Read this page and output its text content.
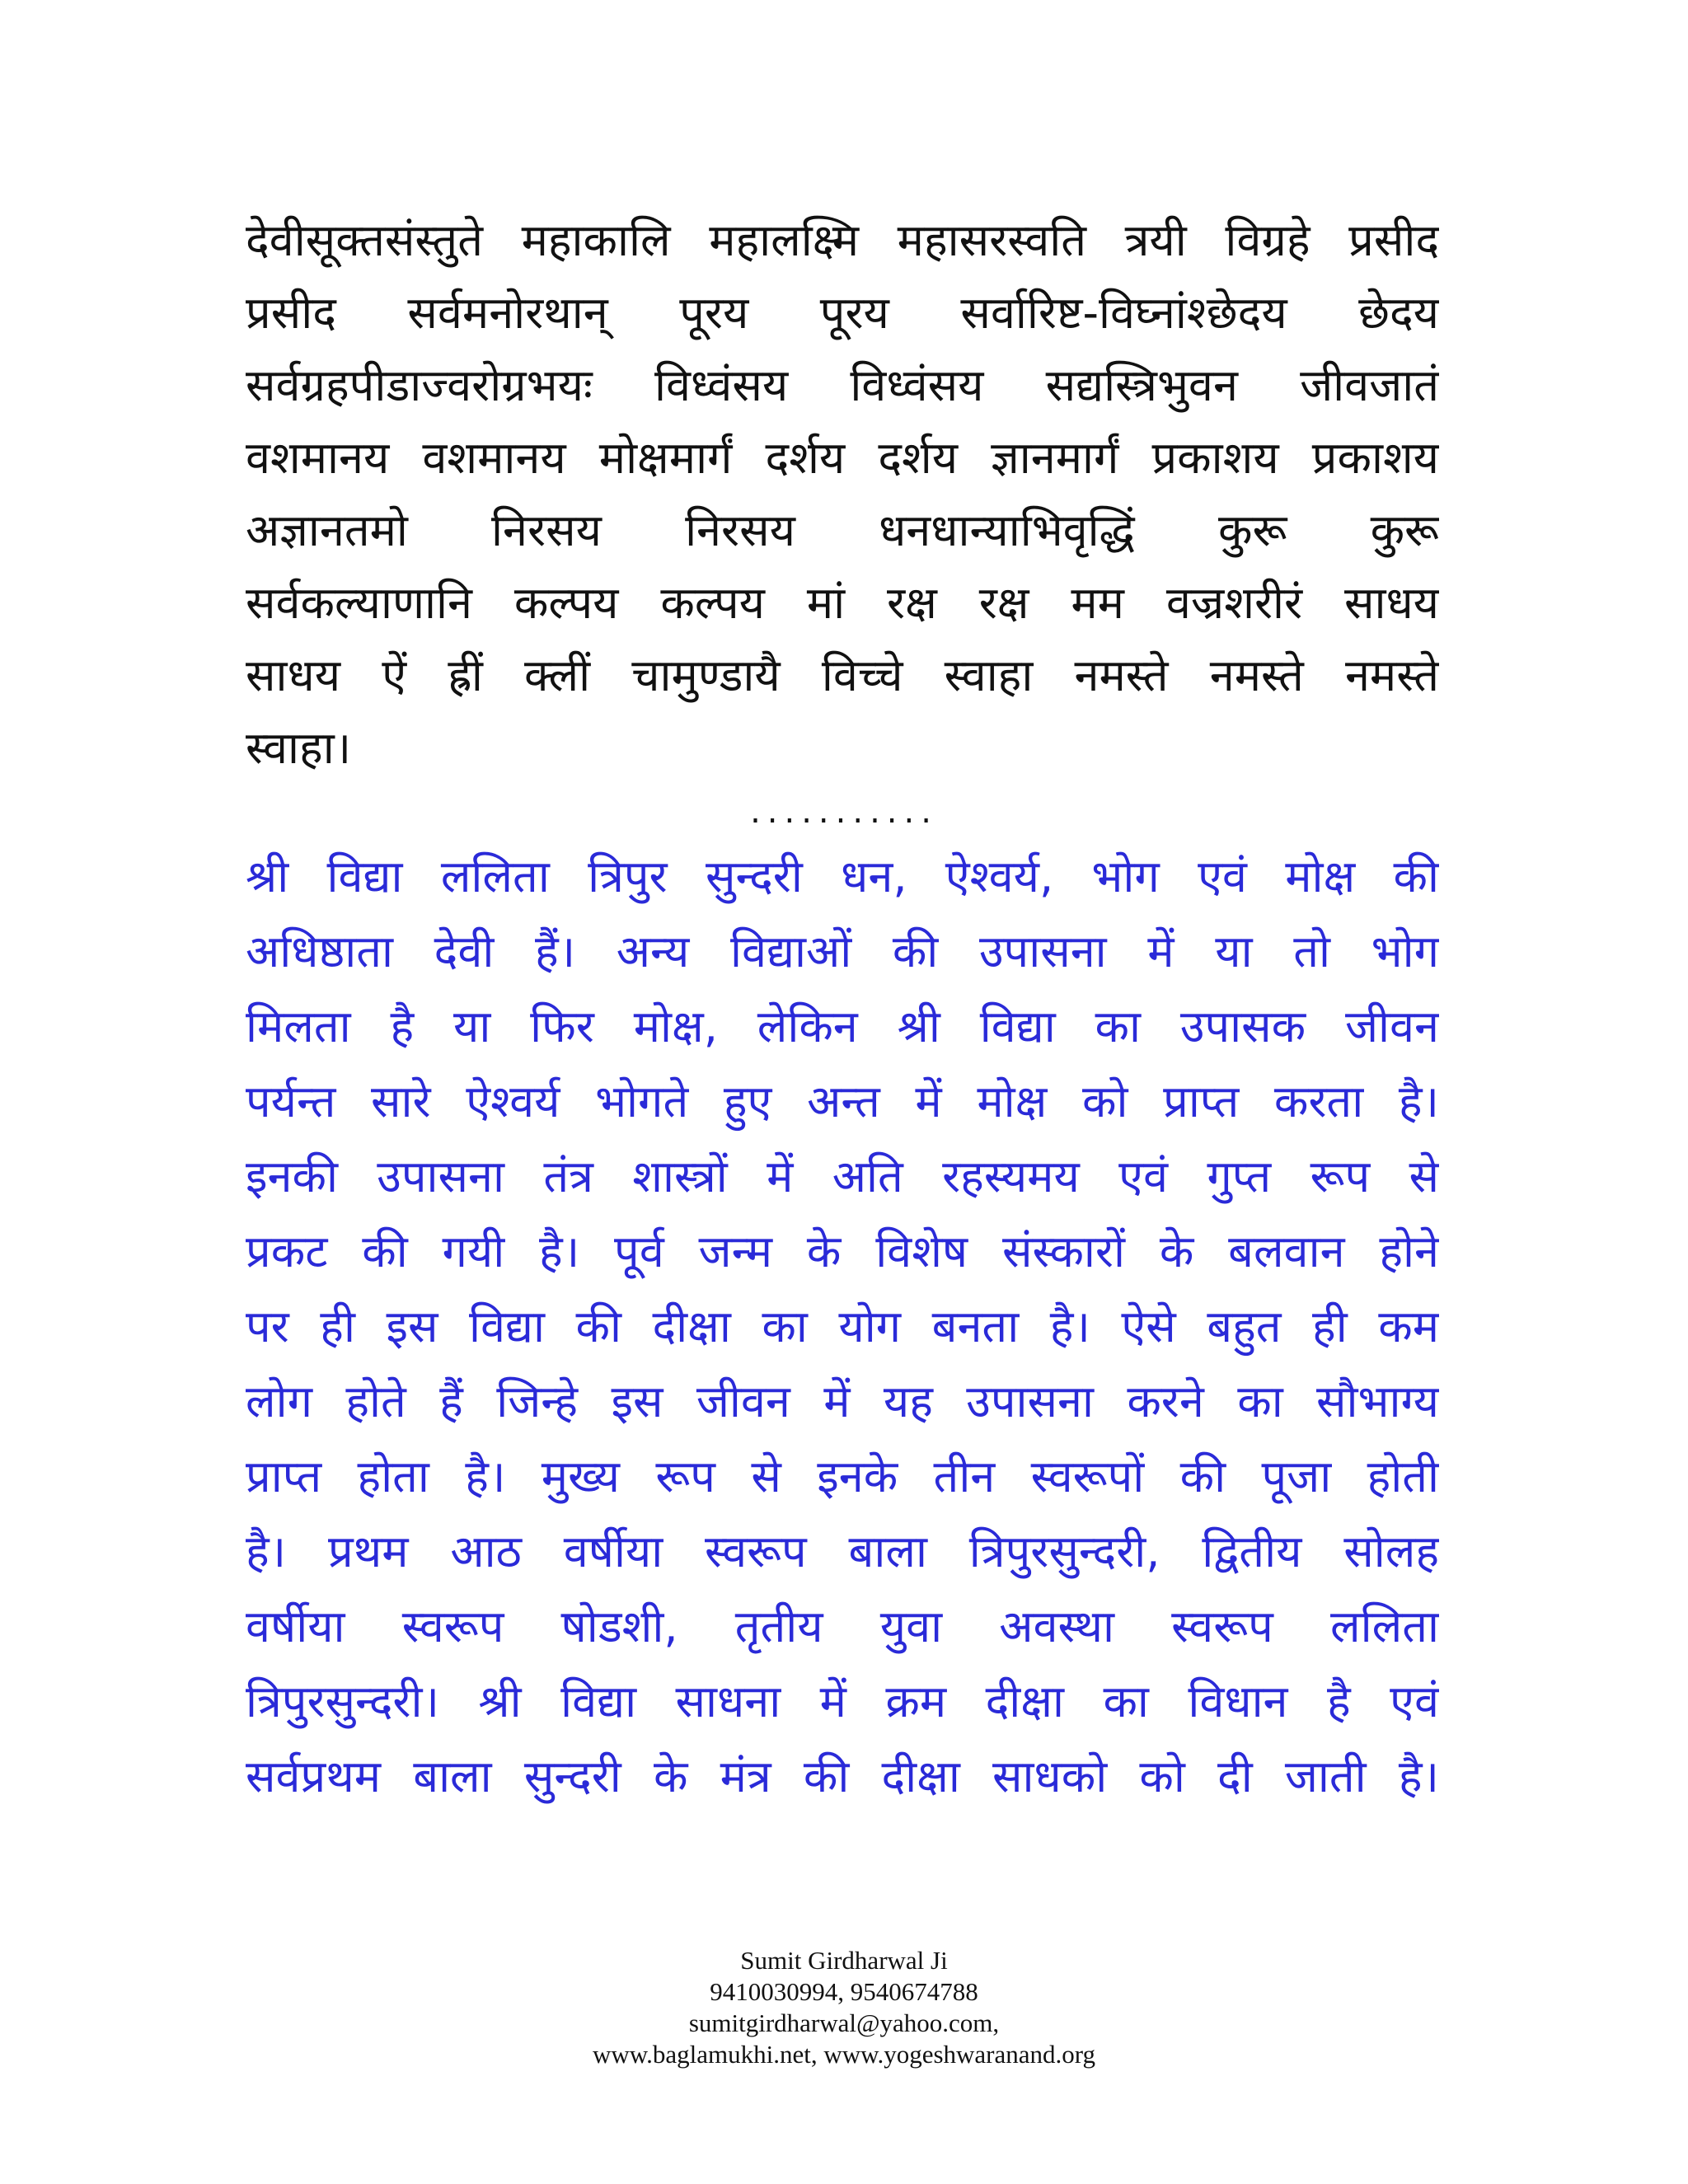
देवीसूक्तसंस्तुते महाकालि महालक्ष्मि महासरस्वति त्रयी विग्रहे प्रसीद
प्रसीद सर्वमनोरथान् पूरय पूरय सर्वारिष्ट-विघ्नांश्छेदय छेदय
सर्वग्रहपीडाज्वरोग्रभयः विध्वंसय विध्वंसय सद्यस्त्रिभुवन जीवजातं
वशमानय वशमानय मोक्षमार्गं दर्शय दर्शय ज्ञानमार्गं प्रकाशय प्रकाशय
अज्ञानतमो निरसय निरसय धनधान्याभिवृद्धिं कुरू कुरू
सर्वकल्याणानि कल्पय कल्पय मां रक्ष रक्ष मम वज्रशरीरं साधय
साधय ऐं ह्रीं क्लीं चामुण्डायै विच्चे स्वाहा नमस्ते नमस्ते नमस्ते
स्वाहा।
...........
श्री विद्या ललिता त्रिपुर सुन्दरी धन, ऐश्वर्य, भोग एवं मोक्ष की
अधिष्ठाता देवी हैं। अन्य विद्याओं की उपासना में या तो भोग
मिलता है या फिर मोक्ष, लेकिन श्री विद्या का उपासक जीवन
पर्यन्त सारे ऐश्वर्य भोगते हुए अन्त में मोक्ष को प्राप्त करता है।
इनकी उपासना तंत्र शास्त्रों में अति रहस्यमय एवं गुप्त रूप से
प्रकट की गयी है। पूर्व जन्म के विशेष संस्कारों के बलवान होने
पर ही इस विद्या की दीक्षा का योग बनता है। ऐसे बहुत ही कम
लोग होते हैं जिन्हे इस जीवन में यह उपासना करने का सौभाग्य
प्राप्त होता है। मुख्य रूप से इनके तीन स्वरूपों की पूजा होती
है। प्रथम आठ वर्षीया स्वरूप बाला त्रिपुरसुन्दरी, द्वितीय सोलह
वर्षीया स्वरूप षोडशी, तृतीय युवा अवस्था स्वरूप ललिता
त्रिपुरसुन्दरी। श्री विद्या साधना में क्रम दीक्षा का विधान है एवं
सर्वप्रथम बाला सुन्दरी के मंत्र की दीक्षा साधको को दी जाती है।
Sumit Girdharwal Ji
9410030994, 9540674788
sumitgirdharwal@yahoo.com,
www.baglamukhi.net, www.yogeshwaranand.org
